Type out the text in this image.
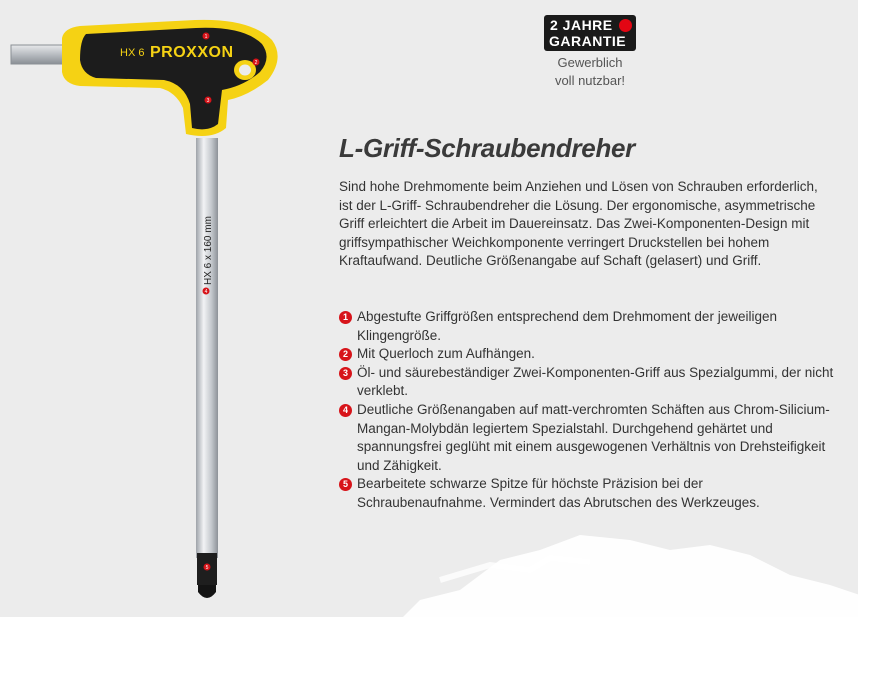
HX 6 x 160 mm
HX 6 PROXXON
1
2
3
4
5
2 JAHRE
GARANTIE
Gewerblich
voll nutzbar!
L-Griff-Schraubendreher
Sind hohe Drehmomente beim Anziehen und Lösen von Schrauben erforderlich, ist der L-Griff- Schraubendreher die Lösung. Der ergonomische, asymmetrische Griff erleichtert die Arbeit im Dauereinsatz. Das Zwei-Komponenten-Design mit griffsympathischer Weichkomponente verringert Druckstellen bei hohem Kraftaufwand. Deutliche Größenangabe auf Schaft (gelasert) und Griff.
1 Abgestufte Griffgrößen entsprechend dem Drehmoment der jeweiligen Klingengröße.
2 Mit Querloch zum Aufhängen.
3 Öl- und säurebeständiger Zwei-Komponenten-Griff aus Spezialgummi, der nicht verklebt.
4 Deutliche Größenangaben auf matt-verchromten Schäften aus Chrom-Silicium-Mangan-Molybdän legiertem Spezialstahl. Durchgehend gehärtet und spannungsfrei geglüht mit einem ausgewogenen Verhältnis von Drehsteifigkeit und Zähigkeit.
5 Bearbeitete schwarze Spitze für höchste Präzision bei der Schraubenaufnahme. Vermindert das Abrutschen des Werkzeuges.
